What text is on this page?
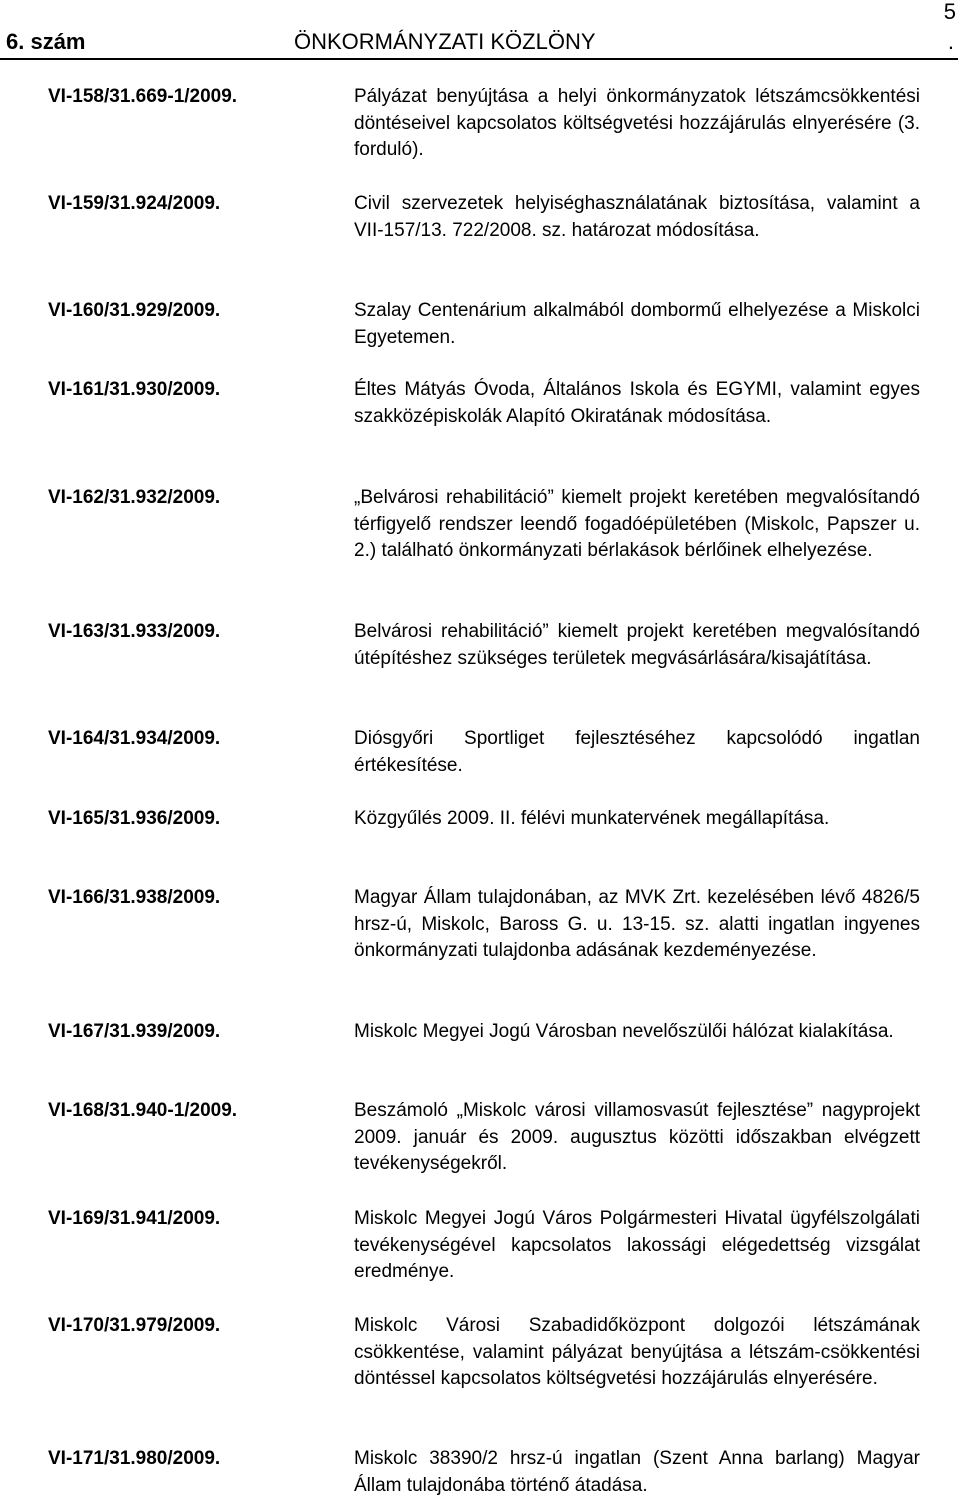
6. szám	ÖNKORMÁNYZATI KÖZLÖNY
5
.
VI-158/31.669-1/2009.	Pályázat benyújtása a helyi önkormányzatok létszámcsökkentési döntéseivel kapcsolatos költségvetési hozzájárulás elnyerésére (3. forduló).
VI-159/31.924/2009.	Civil szervezetek helyiséghasználatának biztosítása, valamint a VII-157/13. 722/2008. sz. határozat módosítása.
VI-160/31.929/2009.	Szalay Centenárium alkalmából dombormű elhelyezése a Miskolci Egyetemen.
VI-161/31.930/2009.	Éltes Mátyás Óvoda, Általános Iskola és EGYMI, valamint egyes szakközépiskolák Alapító Okiratának módosítása.
VI-162/31.932/2009.	„Belvárosi rehabilitáció” kiemelt projekt keretében megvalósítandó térfigyelő rendszer leendő fogadóépületében (Miskolc, Papszer u. 2.) található önkormányzati bérlakások bérlőinek elhelyezése.
VI-163/31.933/2009.	Belvárosi rehabilitáció” kiemelt projekt keretében megvalósítandó útépítéshez szükséges területek megvásárlására/kisajátítása.
VI-164/31.934/2009.	Diósgyőri Sportliget fejlesztéséhez kapcsolódó ingatlan értékesítése.
VI-165/31.936/2009.	Közgyűlés 2009. II. félévi munkatervének megállapítása.
VI-166/31.938/2009.	Magyar Állam tulajdonában, az MVK Zrt. kezelésében lévő 4826/5 hrsz-ú, Miskolc, Baross G. u. 13-15. sz. alatti ingatlan ingyenes önkormányzati tulajdonba adásának kezdeményezése.
VI-167/31.939/2009.	Miskolc Megyei Jogú Városban nevelőszülői hálózat kialakítása.
VI-168/31.940-1/2009.	Beszámoló „Miskolc városi villamosvasút fejlesztése” nagyprojekt 2009. január és 2009. augusztus közötti időszakban elvégzett tevékenységekről.
VI-169/31.941/2009.	Miskolc Megyei Jogú Város Polgármesteri Hivatal ügyfélszolgálati tevékenységével kapcsolatos lakossági elégedettség vizsgálat eredménye.
VI-170/31.979/2009.	Miskolc Városi Szabadidőközpont dolgozói létszámának csökkentése, valamint pályázat benyújtása a létszám-csökkentési döntéssel kapcsolatos költségvetési hozzájárulás elnyerésére.
VI-171/31.980/2009.	Miskolc 38390/2 hrsz-ú ingatlan (Szent Anna barlang) Magyar Állam tulajdonába történő átadása.
